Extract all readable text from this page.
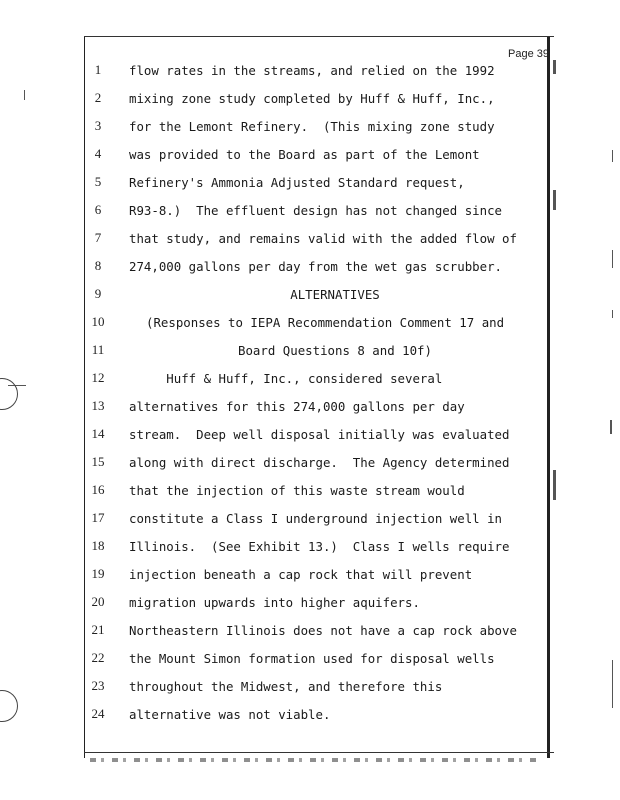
Page 39
1	flow rates in the streams, and relied on the 1992
2	mixing zone study completed by Huff & Huff, Inc.,
3	for the Lemont Refinery.  (This mixing zone study
4	was provided to the Board as part of the Lemont
5	Refinery's Ammonia Adjusted Standard request,
6	R93-8.)  The effluent design has not changed since
7	that study, and remains valid with the added flow of
8	274,000 gallons per day from the wet gas scrubber.
9	ALTERNATIVES
10	(Responses to IEPA Recommendation Comment 17 and
11	Board Questions 8 and 10f)
12	Huff & Huff, Inc., considered several
13	alternatives for this 274,000 gallons per day
14	stream.  Deep well disposal initially was evaluated
15	along with direct discharge.  The Agency determined
16	that the injection of this waste stream would
17	constitute a Class I underground injection well in
18	Illinois.  (See Exhibit 13.)  Class I wells require
19	injection beneath a cap rock that will prevent
20	migration upwards into higher aquifers.
21	Northeastern Illinois does not have a cap rock above
22	the Mount Simon formation used for disposal wells
23	throughout the Midwest, and therefore this
24	alternative was not viable.
